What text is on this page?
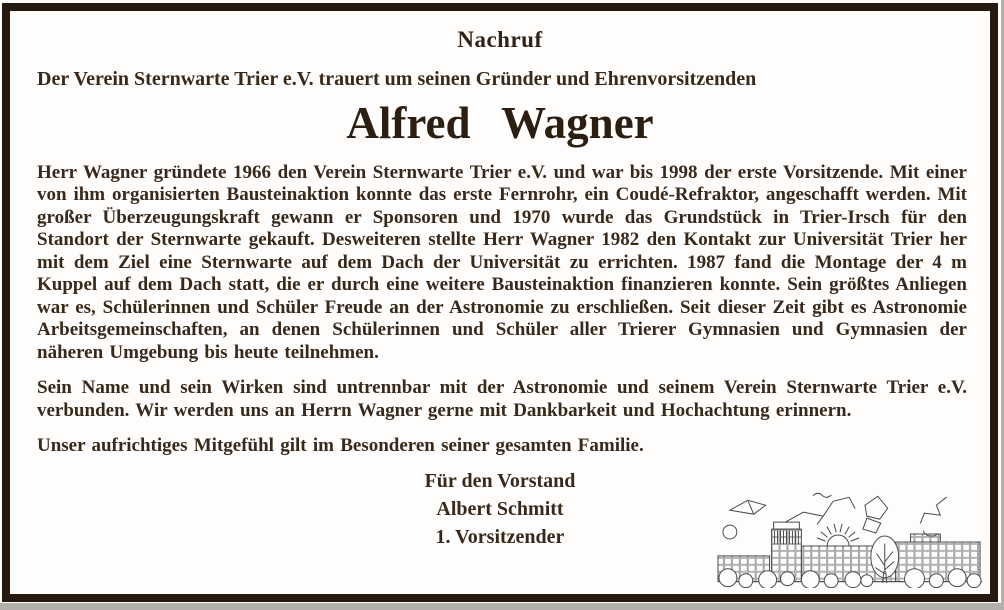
Nachruf
Der Verein Sternwarte Trier e.V. trauert um seinen Gründer und Ehrenvorsitzenden
Alfred Wagner

Herr Wagner gründete 1966 den Verein Sternwarte Trier e.V. und war bis 1998 der erste Vorsitzende. Mit einer von ihm organisierten Bausteinaktion konnte das erste Fernrohr, ein Coudé-Refraktor, angeschafft werden. Mit großer Überzeugungskraft gewann er Sponsoren und 1970 wurde das Grundstück in Trier-Irsch für den Standort der Sternwarte gekauft. Desweiteren stellte Herr Wagner 1982 den Kontakt zur Universität Trier her mit dem Ziel eine Sternwarte auf dem Dach der Universität zu errichten. 1987 fand die Montage der 4 m Kuppel auf dem Dach statt, die er durch eine weitere Bausteinaktion finanzieren konnte. Sein größtes Anliegen war es, Schülerinnen und Schüler Freude an der Astronomie zu erschließen. Seit dieser Zeit gibt es Astronomie Arbeitsgemeinschaften, an denen Schülerinnen und Schüler aller Trierer Gymnasien und Gymnasien der näheren Umgebung bis heute teilnehmen.

Sein Name und sein Wirken sind untrennbar mit der Astronomie und seinem Verein Sternwarte Trier e.V. verbunden. Wir werden uns an Herrn Wagner gerne mit Dankbarkeit und Hochachtung erinnern.

Unser aufrichtiges Mitgefühl gilt im Besonderen seiner gesamten Familie.

Für den Vorstand
Albert Schmitt
1. Vorsitzender
